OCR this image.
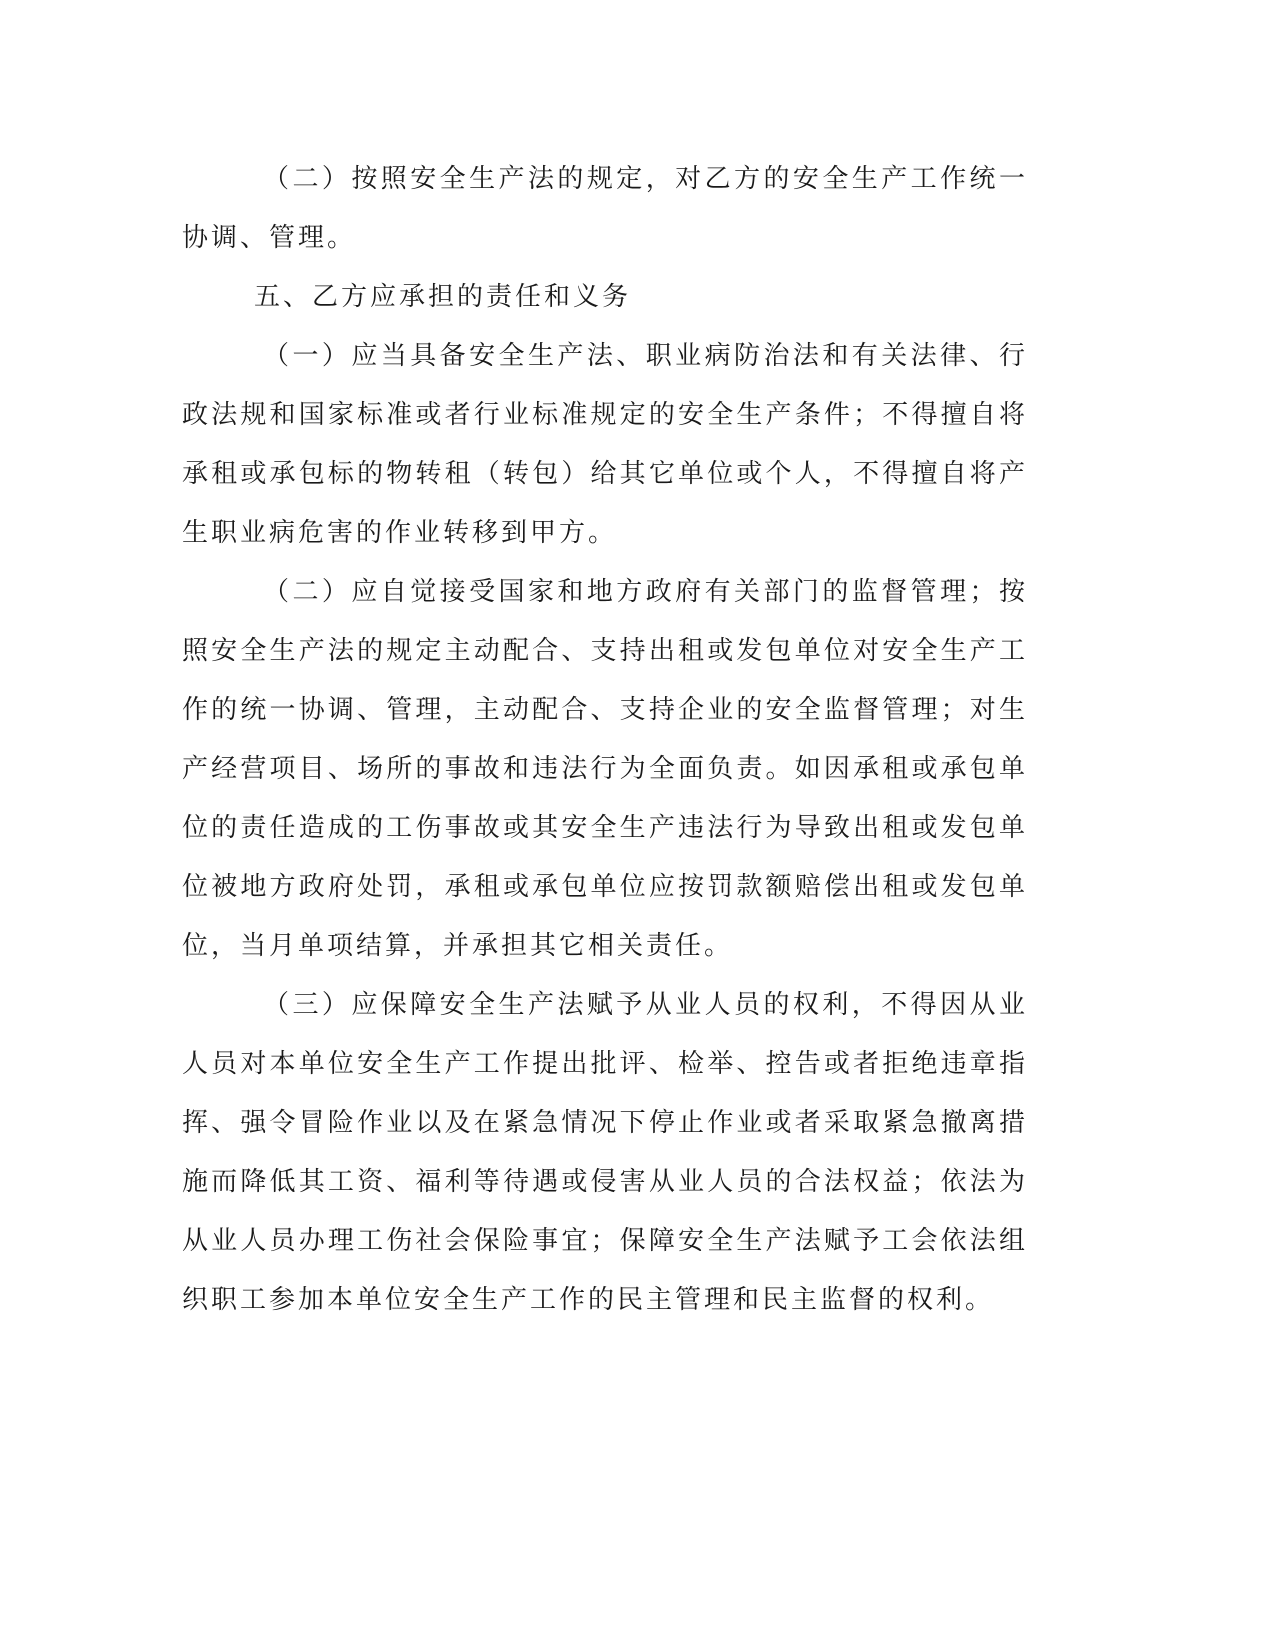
（二）按照安全生产法的规定，对乙方的安全生产工作统一协调、管理。

五、乙方应承担的责任和义务

（一）应当具备安全生产法、职业病防治法和有关法律、行政法规和国家标准或者行业标准规定的安全生产条件；不得擅自将承租或承包标的物转租（转包）给其它单位或个人，不得擅自将产生职业病危害的作业转移到甲方。

（二）应自觉接受国家和地方政府有关部门的监督管理；按照安全生产法的规定主动配合、支持出租或发包单位对安全生产工作的统一协调、管理，主动配合、支持企业的安全监督管理；对生产经营项目、场所的事故和违法行为全面负责。如因承租或承包单位的责任造成的工伤事故或其安全生产违法行为导致出租或发包单位被地方政府处罚，承租或承包单位应按罚款额赔偿出租或发包单位，当月单项结算，并承担其它相关责任。

（三）应保障安全生产法赋予从业人员的权利，不得因从业人员对本单位安全生产工作提出批评、检举、控告或者拒绝违章指挥、强令冒险作业以及在紧急情况下停止作业或者采取紧急撤离措施而降低其工资、福利等待遇或侵害从业人员的合法权益；依法为从业人员办理工伤社会保险事宜；保障安全生产法赋予工会依法组织职工参加本单位安全生产工作的民主管理和民主监督的权利。
